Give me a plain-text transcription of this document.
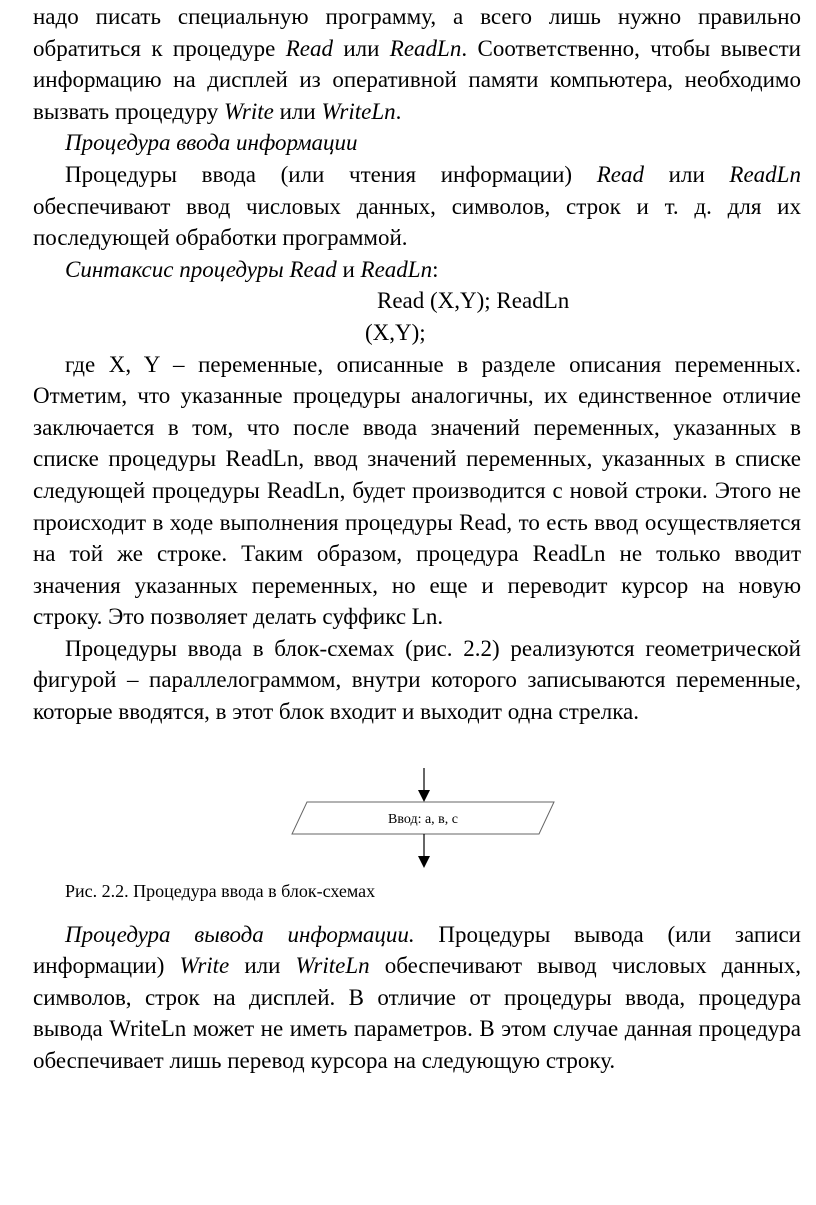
надо писать специальную программу, а всего лишь нужно правильно обратиться к процедуре Read или ReadLn. Соответственно, чтобы вывести информацию на дисплей из оперативной памяти компьютера, необходимо вызвать процедуру Write или WriteLn.

Процедура ввода информации

Процедуры ввода (или чтения информации) Read или ReadLn обеспечивают ввод числовых данных, символов, строк и т. д. для их последующей обработки программой.

Синтаксис процедуры Read и ReadLn:

Read (X,Y); ReadLn

(X,Y);

где X, Y – переменные, описанные в разделе описания переменных. Отметим, что указанные процедуры аналогичны, их единственное отличие заключается в том, что после ввода значений переменных, указанных в списке процедуры ReadLn, ввод значений переменных, указанных в списке следующей процедуры ReadLn, будет производится с новой строки. Этого не происходит в ходе выполнения процедуры Read, то есть ввод осуществляется на той же строке. Таким образом, процедура ReadLn не только вводит значения указанных переменных, но еще и переводит курсор на новую строку. Это позволяет делать суффикс Ln.

Процедуры ввода в блок-схемах (рис. 2.2) реализуются геометрической фигурой – параллелограммом, внутри которого записываются переменные, которые вводятся, в этот блок входит и выходит одна стрелка.

Ввод: а, в, с
Рис. 2.2. Процедура ввода в блок-схемах

Процедура вывода информации. Процедуры вывода (или записи информации) Write или WriteLn обеспечивают вывод числовых данных, символов, строк на дисплей. В отличие от процедуры ввода, процедура вывода WriteLn может не иметь параметров. В этом случае данная процедура обеспечивает лишь перевод курсора на следующую строку.
